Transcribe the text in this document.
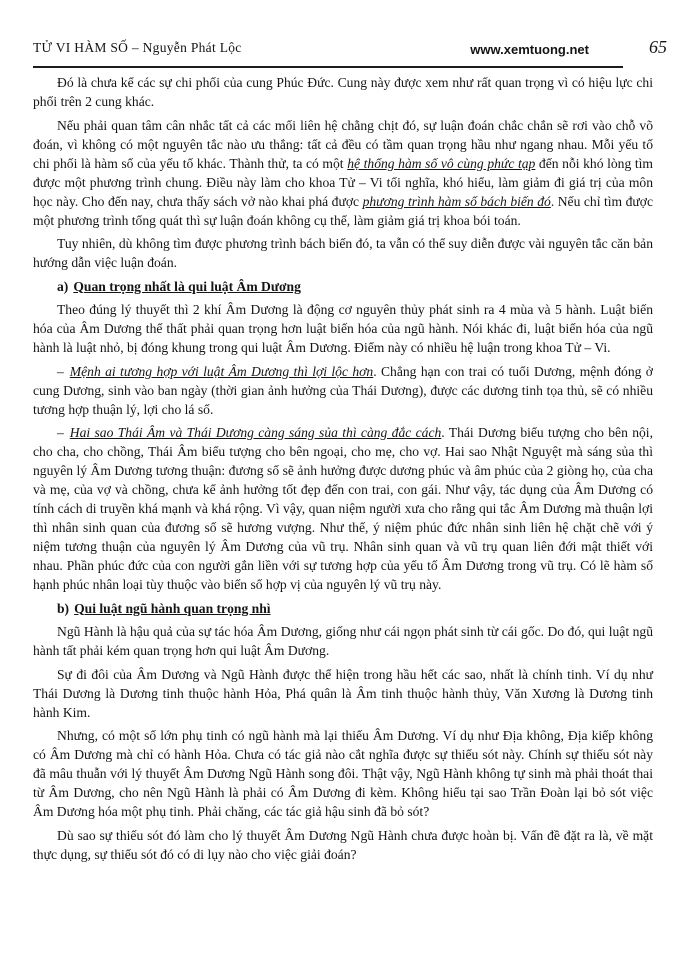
TỬ VI HÀM SỐ – Nguyễn Phát Lộc	www.xemtuong.net	65

Đó là chưa kể các sự chi phối của cung Phúc Đức. Cung này được xem như rất quan trọng vì có hiệu lực chi phối trên 2 cung khác.

Nếu phải quan tâm cân nhắc tất cả các mối liên hệ chằng chịt đó, sự luận đoán chắc chắn sẽ rơi vào chỗ võ đoán, vì không có một nguyên tắc nào ưu thắng: tất cả đều có tầm quan trọng hầu như ngang nhau. Mỗi yếu tố chi phối là hàm số của yếu tố khác. Thành thử, ta có một hệ thống hàm số vô cùng phức tạp đến nỗi khó lòng tìm được một phương trình chung. Điều này làm cho khoa Tử – Vi tối nghĩa, khó hiểu, làm giảm đi giá trị của môn học này. Cho đến nay, chưa thấy sách vở nào khai phá được phương trình hàm số bách biến đó. Nếu chỉ tìm được một phương trình tổng quát thì sự luận đoán không cụ thể, làm giảm giá trị khoa bói toán.

Tuy nhiên, dù không tìm được phương trình bách biến đó, ta vẫn có thể suy diễn được vài nguyên tắc căn bản hướng dẫn việc luận đoán.

a) Quan trọng nhất là qui luật Âm Dương

Theo đúng lý thuyết thì 2 khí Âm Dương là động cơ nguyên thủy phát sinh ra 4 mùa và 5 hành. Luật biến hóa của Âm Dương thế thất phải quan trọng hơn luật biến hóa của ngũ hành. Nói khác đi, luật biến hóa của ngũ hành là luật nhỏ, bị đóng khung trong qui luật Âm Dương. Điểm này có nhiều hệ luận trong khoa Tử – Vi.

– Mệnh ai tương hợp với luật Âm Dương thì lợi lộc hơn. Chẳng hạn con trai có tuổi Dương, mệnh đóng ở cung Dương, sinh vào ban ngày (thời gian ảnh hưởng của Thái Dương), được các dương tinh tọa thủ, sẽ có nhiều tương hợp thuận lý, lợi cho lá số.

– Hai sao Thái Âm và Thái Dương càng sáng sủa thì càng đắc cách. Thái Dương biểu tượng cho bên nội, cho cha, cho chồng, Thái Âm biểu tượng cho bên ngoại, cho mẹ, cho vợ. Hai sao Nhật Nguyệt mà sáng sủa thì nguyên lý Âm Dương tương thuận: đương số sẽ ảnh hưởng được dương phúc và âm phúc của 2 giòng họ, của cha và mẹ, của vợ và chồng, chưa kể ảnh hưởng tốt đẹp đến con trai, con gái. Như vậy, tác dụng của Âm Dương có tính cách di truyền khá mạnh và khá rộng. Vì vậy, quan niệm người xưa cho rằng qui tắc Âm Dương mà thuận lợi thì nhân sinh quan của đương số sẽ hương vượng. Như thế, ý niệm phúc đức nhân sinh liên hệ chặt chẽ với ý niệm tương thuận của nguyên lý Âm Dương của vũ trụ. Nhân sinh quan và vũ trụ quan liên đới mật thiết với nhau. Phần phúc đức của con người gắn liền với sự tương hợp của yếu tố Âm Dương trong vũ trụ. Có lẽ hàm số hạnh phúc nhân loại tùy thuộc vào biến số hợp vị của nguyên lý vũ trụ này.

b) Qui luật ngũ hành quan trọng nhì

Ngũ Hành là hậu quả của sự tác hóa Âm Dương, giống như cái ngọn phát sinh từ cái gốc. Do đó, qui luật ngũ hành tất phải kém quan trọng hơn qui luật Âm Dương.

Sự đi đôi của Âm Dương và Ngũ Hành được thể hiện trong hầu hết các sao, nhất là chính tinh. Ví dụ như Thái Dương là Dương tinh thuộc hành Hỏa, Phá quân là Âm tinh thuộc hành thủy, Văn Xương là Dương tinh hành Kim.

Nhưng, có một số lớn phụ tinh có ngũ hành mà lại thiếu Âm Dương. Ví dụ như Địa không, Địa kiếp không có Âm Dương mà chỉ có hành Hỏa. Chưa có tác giả nào cắt nghĩa được sự thiếu sót này. Chính sự thiếu sót này đã mâu thuẫn với lý thuyết Âm Dương Ngũ Hành song đôi. Thật vậy, Ngũ Hành không tự sinh mà phải thoát thai từ Âm Dương, cho nên Ngũ Hành là phải có Âm Dương đi kèm. Không hiểu tại sao Trần Đoàn lại bỏ sót việc Âm Dương hóa một phụ tinh. Phải chăng, các tác giả hậu sinh đã bỏ sót?

Dù sao sự thiếu sót đó làm cho lý thuyết Âm Dương Ngũ Hành chưa được hoàn bị. Vấn đề đặt ra là, về mặt thực dụng, sự thiếu sót đó có di lụy nào cho việc giải đoán?
